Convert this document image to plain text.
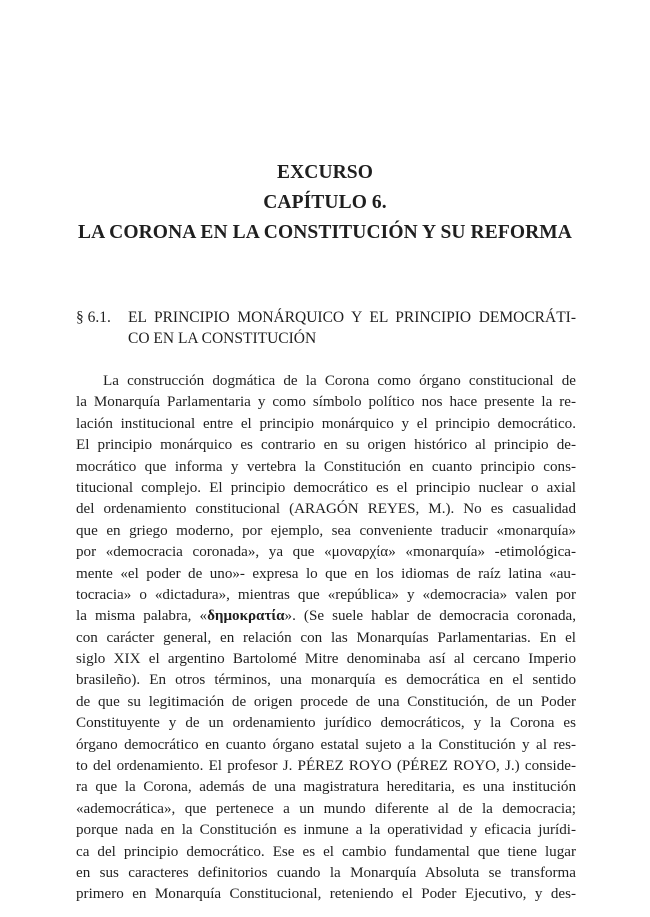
EXCURSO
CAPÍTULO 6.
LA CORONA EN LA CONSTITUCIÓN Y SU REFORMA
§ 6.1. EL PRINCIPIO MONÁRQUICO Y EL PRINCIPIO DEMOCRÁTI-
CO EN LA CONSTITUCIÓN
La construcción dogmática de la Corona como órgano constitucional de
la Monarquía Parlamentaria y como símbolo político nos hace presente la re-
lación institucional entre el principio monárquico y el principio democrático.
El principio monárquico es contrario en su origen histórico al principio de-
mocrático que informa y vertebra la Constitución en cuanto principio cons-
titucional complejo. El principio democrático es el principio nuclear o axial
del ordenamiento constitucional (ARAGÓN REYES, M.). No es casualidad
que en griego moderno, por ejemplo, sea conveniente traducir «monarquía»
por «democracia coronada», ya que «μοναρχία» «monarquía» -etimológica-
mente «el poder de uno»- expresa lo que en los idiomas de raíz latina «au-
tocracia» o «dictadura», mientras que «república» y «democracia» valen por
la misma palabra, «δημοκρατία». (Se suele hablar de democracia coronada,
con carácter general, en relación con las Monarquías Parlamentarias. En el
siglo XIX el argentino Bartolomé Mitre denominaba así al cercano Imperio
brasileño). En otros términos, una monarquía es democrática en el sentido
de que su legitimación de origen procede de una Constitución, de un Poder
Constituyente y de un ordenamiento jurídico democráticos, y la Corona es
órgano democrático en cuanto órgano estatal sujeto a la Constitución y al res-
to del ordenamiento. El profesor J. PÉREZ ROYO (PÉREZ ROYO, J.) conside-
ra que la Corona, además de una magistratura hereditaria, es una institución
«ademocrática», que pertenece a un mundo diferente al de la democracia;
porque nada en la Constitución es inmune a la operatividad y eficacia jurídi-
ca del principio democrático. Ese es el cambio fundamental que tiene lugar
en sus caracteres definitorios cuando la Monarquía Absoluta se transforma
primero en Monarquía Constitucional, reteniendo el Poder Ejecutivo, y des-
